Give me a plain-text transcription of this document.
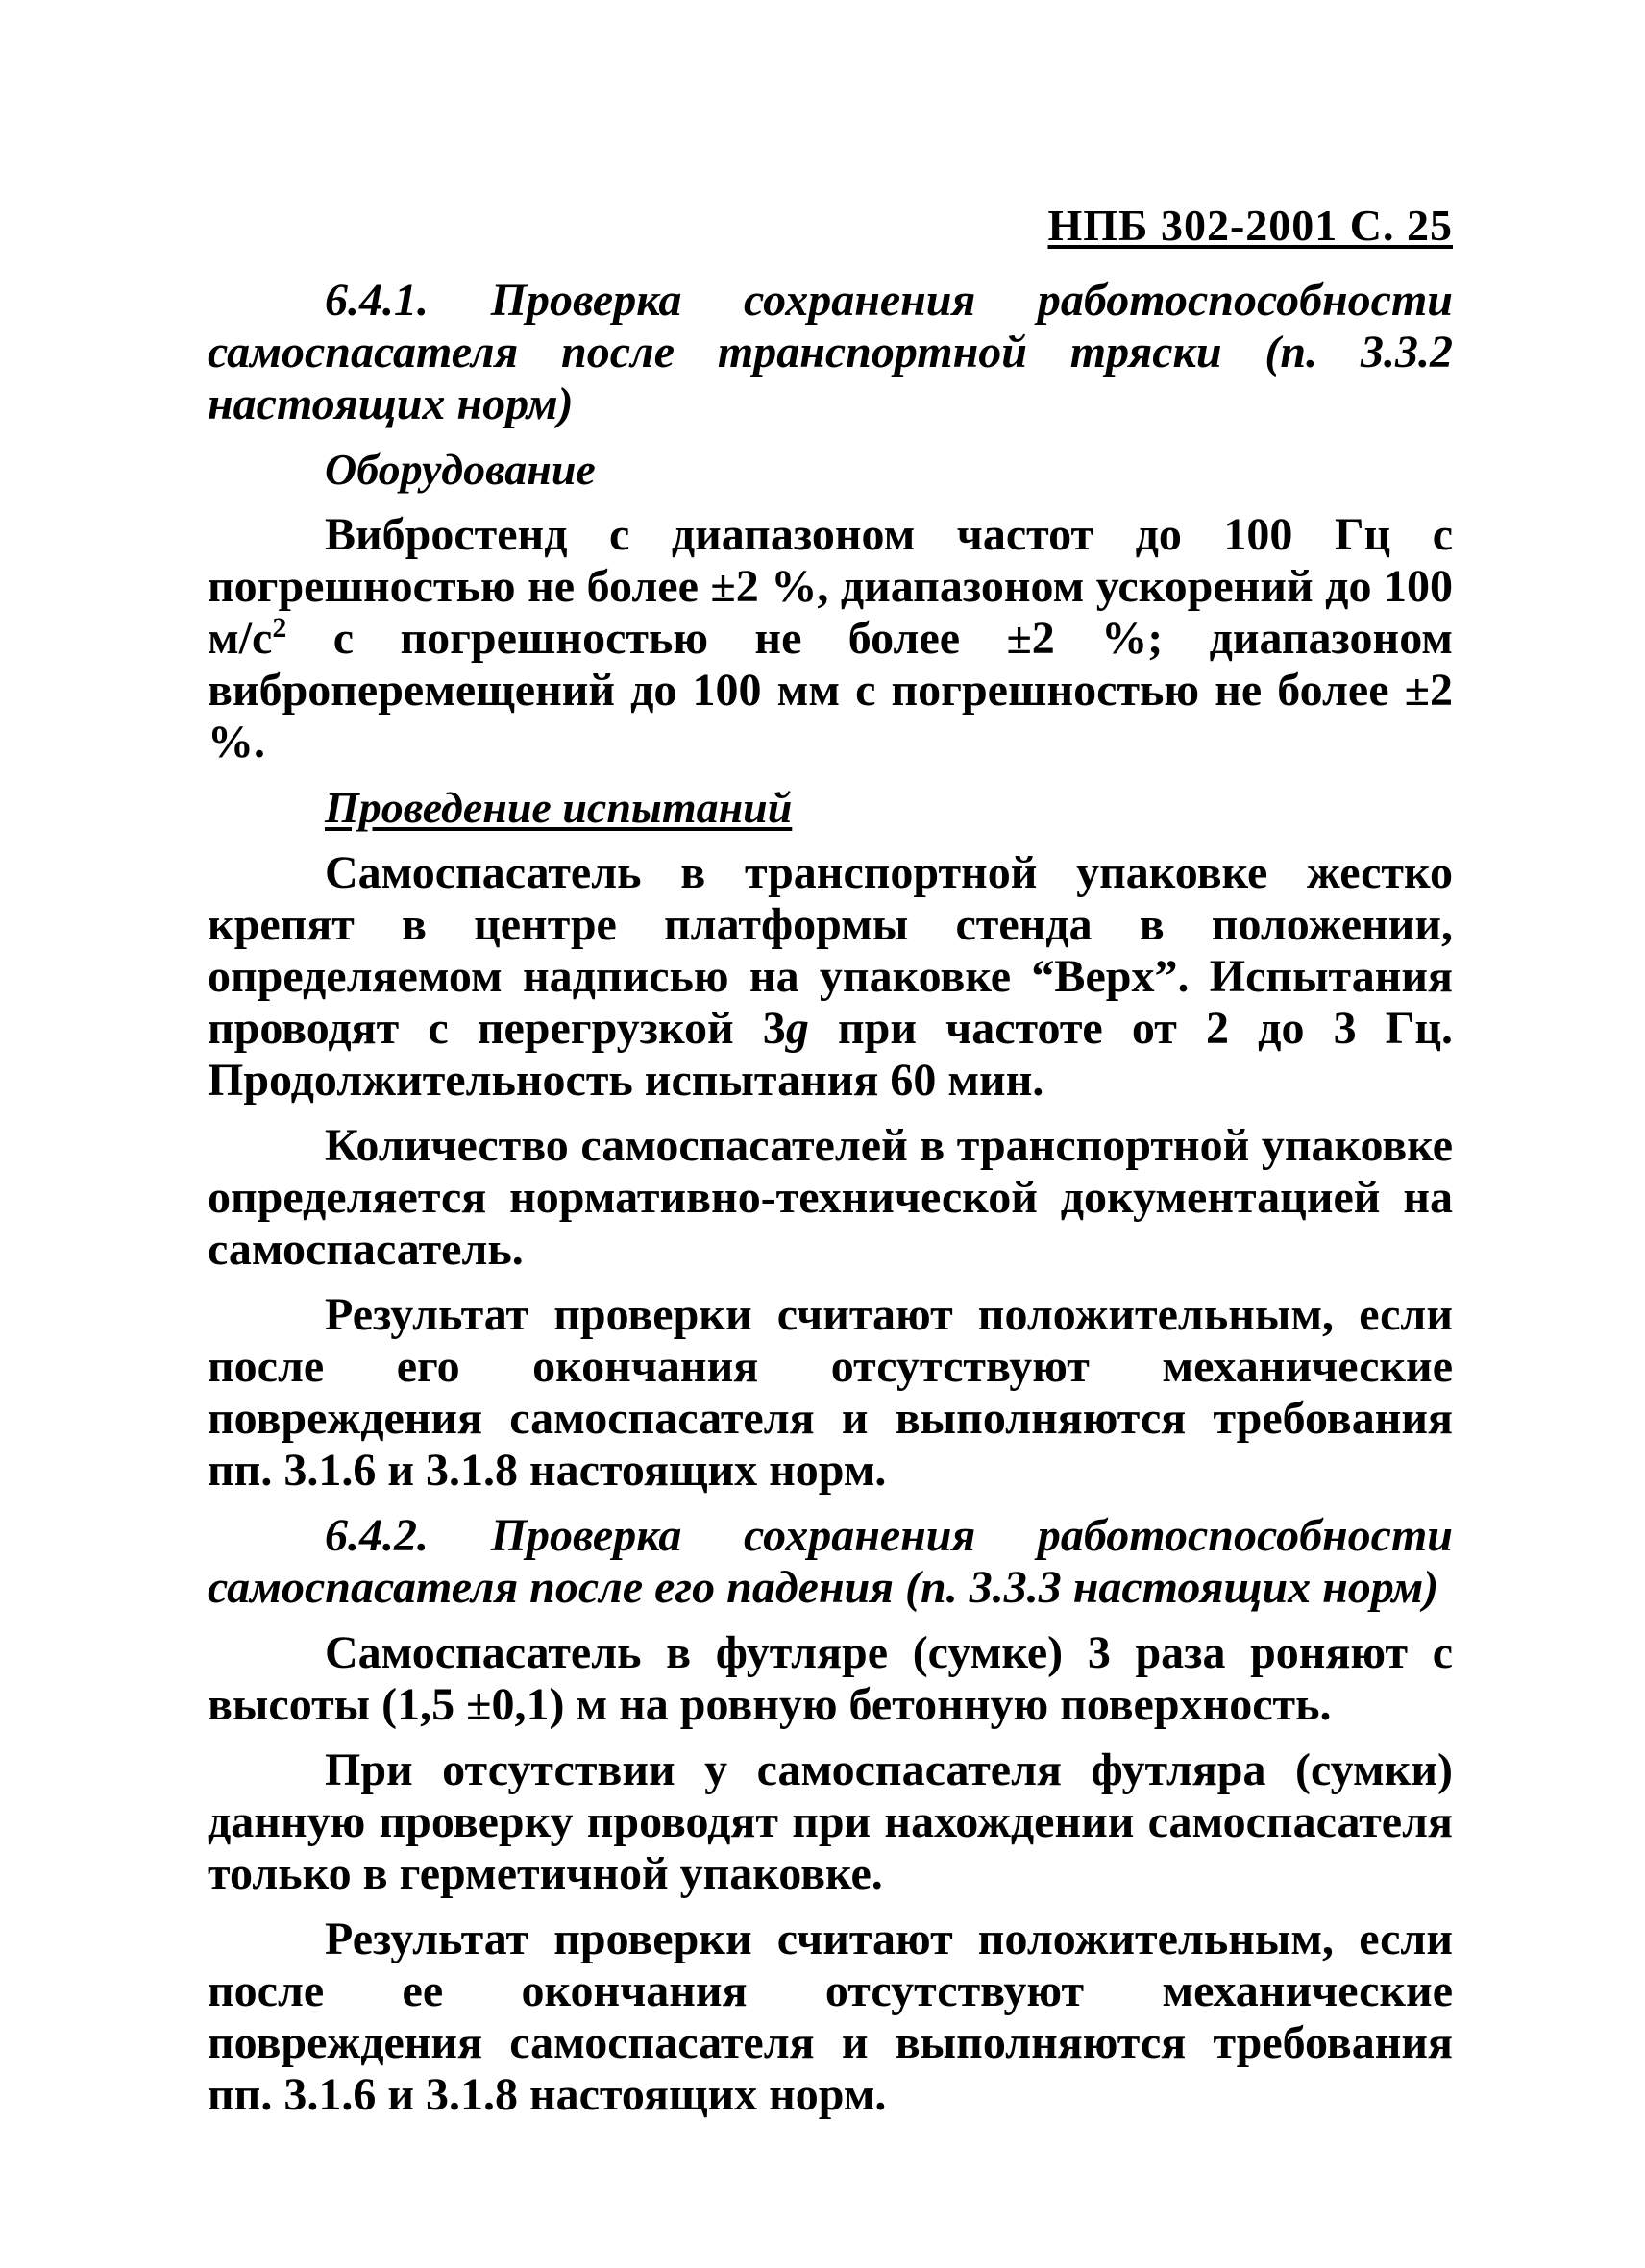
НПБ 302-2001 С. 25

6.4.1. Проверка сохранения работоспособности самоспасателя после транспортной тряски (п. 3.3.2 настоящих норм)

Оборудование

Вибростенд с диапазоном частот до 100 Гц с погрешностью не более ±2 %, диапазоном ускорений до 100 $м/с^2$ с погрешностью не более ±2 %; диапазоном виброперемещений до 100 мм с погрешностью не более ±2 %.

Проведение испытаний

Самоспасатель в транспортной упаковке жестко крепят в центре платформы стенда в положении, определяемом надписью на упаковке “Верх”. Испытания проводят с перегрузкой 3g при частоте от 2 до 3 Гц. Продолжительность испытания 60 мин.

Количество самоспасателей в транспортной упаковке определяется нормативно-технической документацией на самоспасатель.

Результат проверки считают положительным, если после его окончания отсутствуют механические повреждения самоспасателя и выполняются требования пп. 3.1.6 и 3.1.8 настоящих норм.

6.4.2. Проверка сохранения работоспособности самоспасателя после его падения (п. 3.3.3 настоящих норм)

Самоспасатель в футляре (сумке) 3 раза роняют с высоты (1,5 ±0,1) м на ровную бетонную поверхность.

При отсутствии у самоспасателя футляра (сумки) данную проверку проводят при нахождении самоспасателя только в герметичной упаковке.

Результат проверки считают положительным, если после ее окончания отсутствуют механические повреждения самоспасателя и выполняются требования пп. 3.1.6 и 3.1.8 настоящих норм.
